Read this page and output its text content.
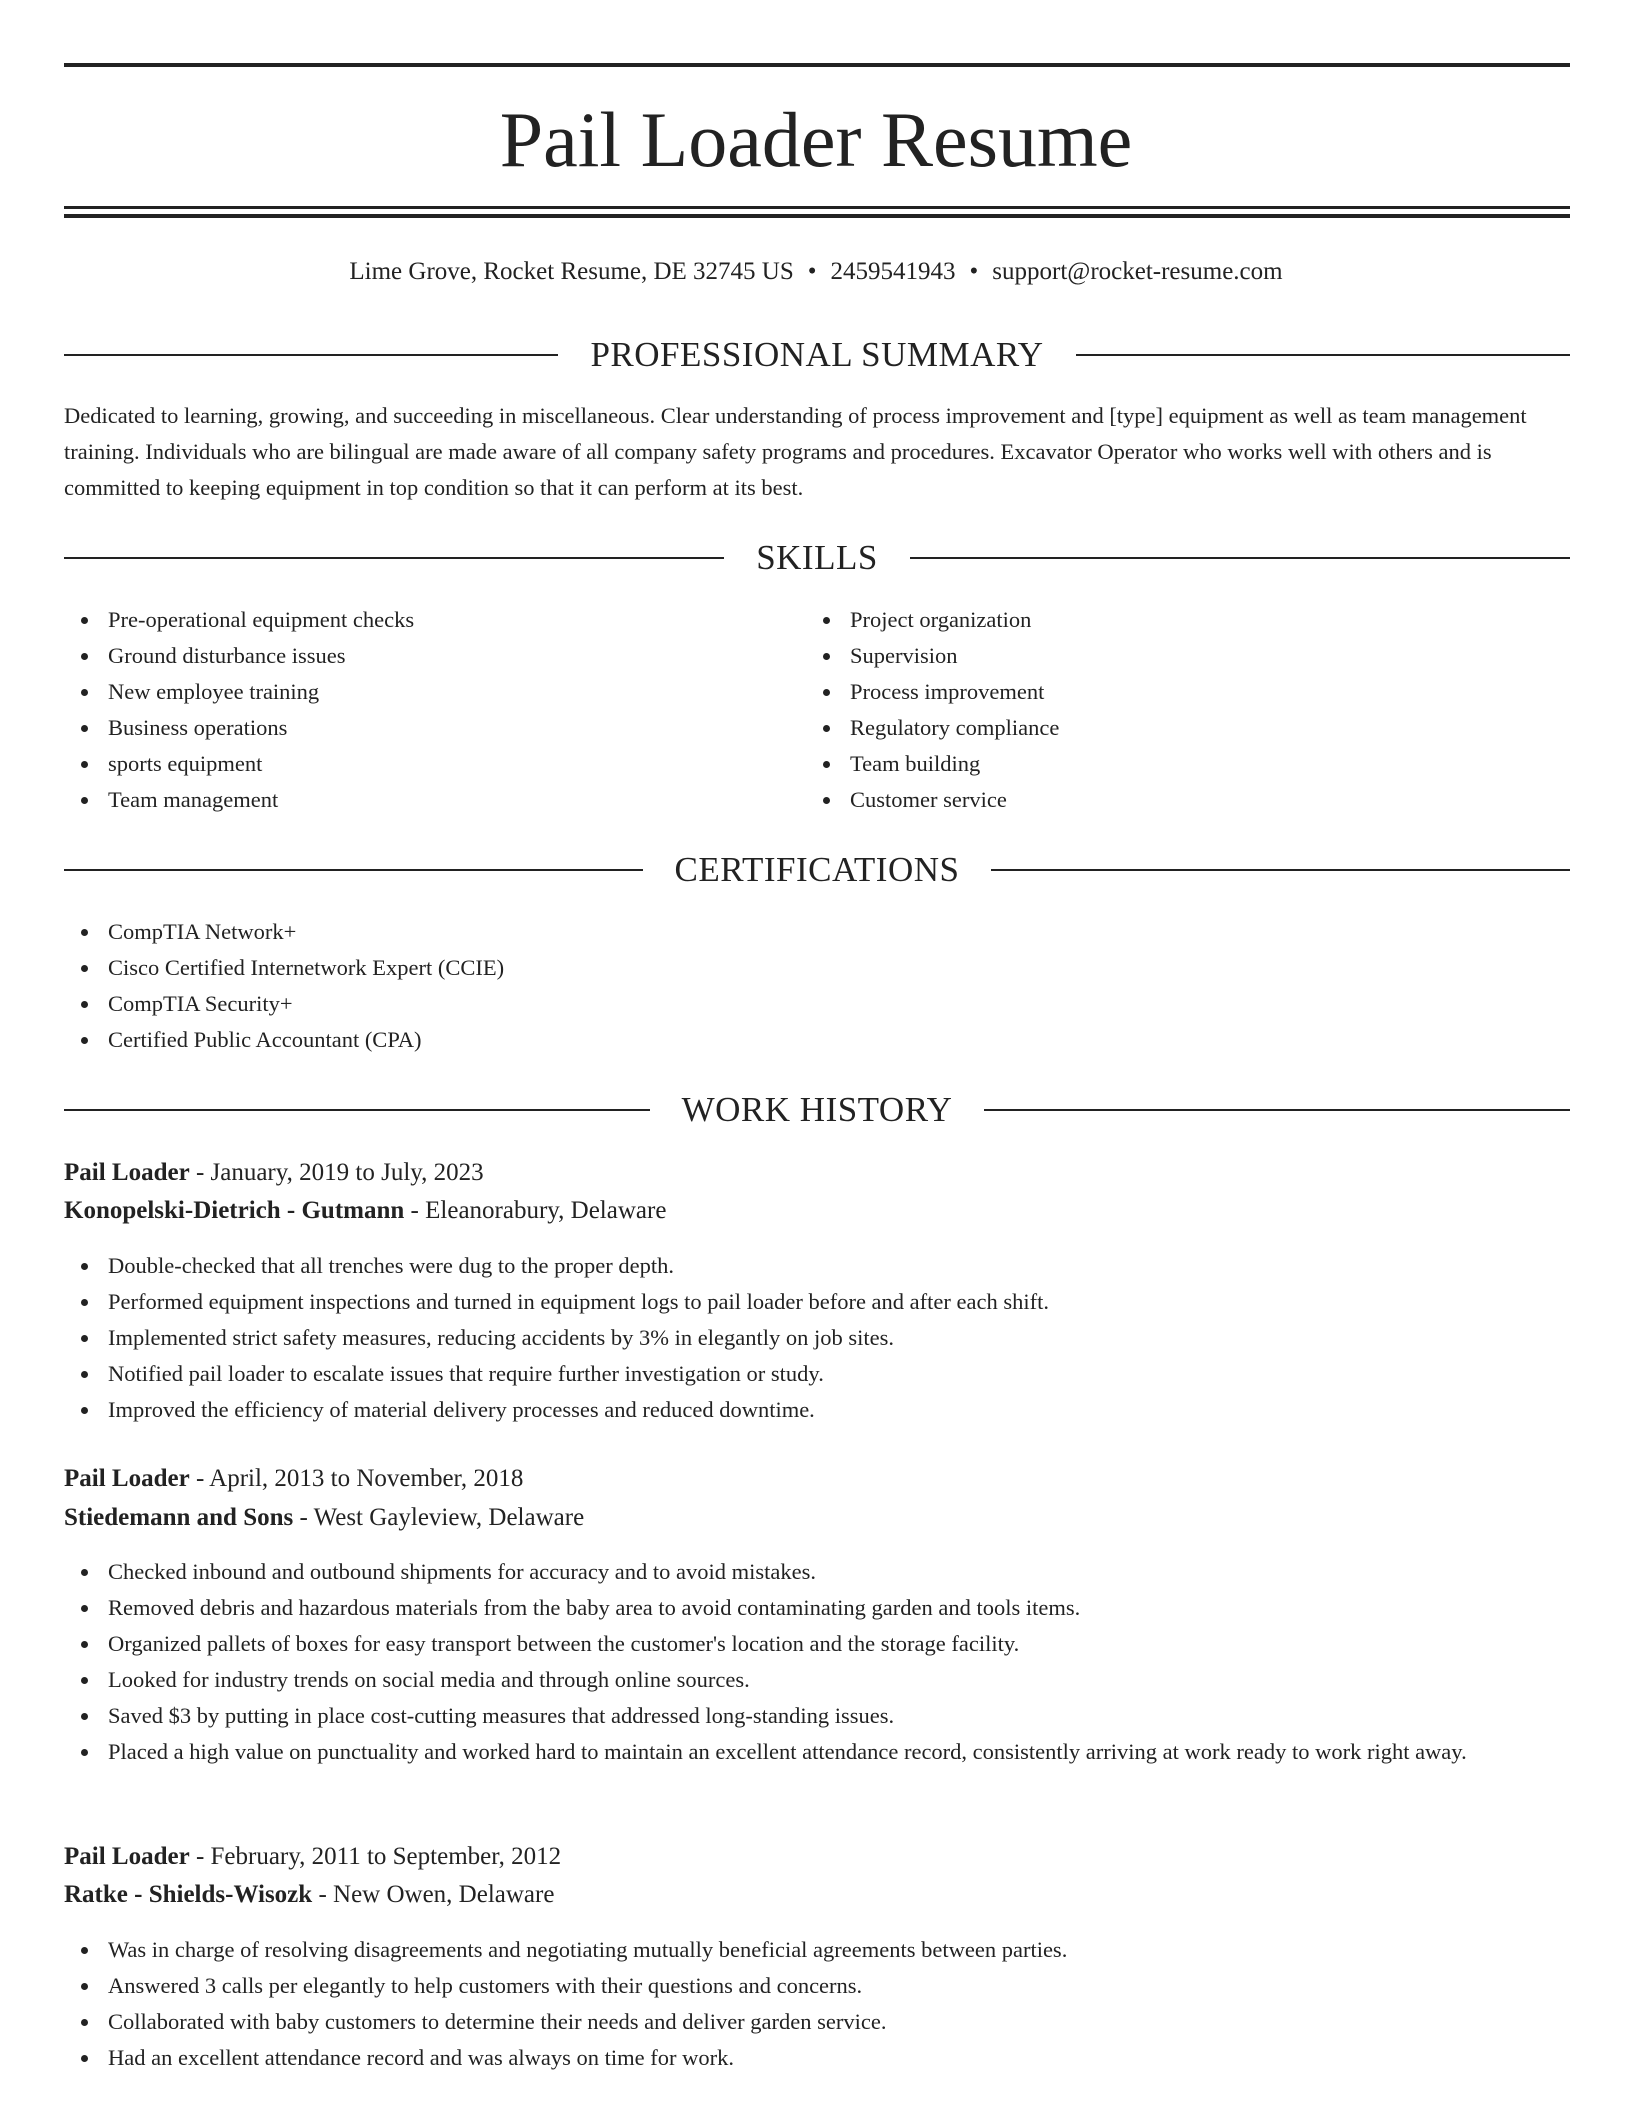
Pail Loader Resume
Lime Grove, Rocket Resume, DE 32745 US • 2459541943 • support@rocket-resume.com
PROFESSIONAL SUMMARY

Dedicated to learning, growing, and succeeding in miscellaneous. Clear understanding of process improvement and [type] equipment as well as team management training. Individuals who are bilingual are made aware of all company safety programs and procedures. Excavator Operator who works well with others and is committed to keeping equipment in top condition so that it can perform at its best.

SKILLS
Pre-operational equipment checks
Ground disturbance issues
New employee training
Business operations
sports equipment
Team management
Project organization
Supervision
Process improvement
Regulatory compliance
Team building
Customer service
CERTIFICATIONS
CompTIA Network+
Cisco Certified Internetwork Expert (CCIE)
CompTIA Security+
Certified Public Accountant (CPA)
WORK HISTORY
Pail Loader - January, 2019 to July, 2023
Konopelski-Dietrich - Gutmann - Eleanorabury, Delaware
Double-checked that all trenches were dug to the proper depth.
Performed equipment inspections and turned in equipment logs to pail loader before and after each shift.
Implemented strict safety measures, reducing accidents by 3% in elegantly on job sites.
Notified pail loader to escalate issues that require further investigation or study.
Improved the efficiency of material delivery processes and reduced downtime.
Pail Loader - April, 2013 to November, 2018
Stiedemann and Sons - West Gayleview, Delaware
Checked inbound and outbound shipments for accuracy and to avoid mistakes.
Removed debris and hazardous materials from the baby area to avoid contaminating garden and tools items.
Organized pallets of boxes for easy transport between the customer's location and the storage facility.
Looked for industry trends on social media and through online sources.
Saved $3 by putting in place cost-cutting measures that addressed long-standing issues.
Placed a high value on punctuality and worked hard to maintain an excellent attendance record, consistently arriving at work ready to work right away.
Pail Loader - February, 2011 to September, 2012
Ratke - Shields-Wisozk - New Owen, Delaware
Was in charge of resolving disagreements and negotiating mutually beneficial agreements between parties.
Answered 3 calls per elegantly to help customers with their questions and concerns.
Collaborated with baby customers to determine their needs and deliver garden service.
Had an excellent attendance record and was always on time for work.
